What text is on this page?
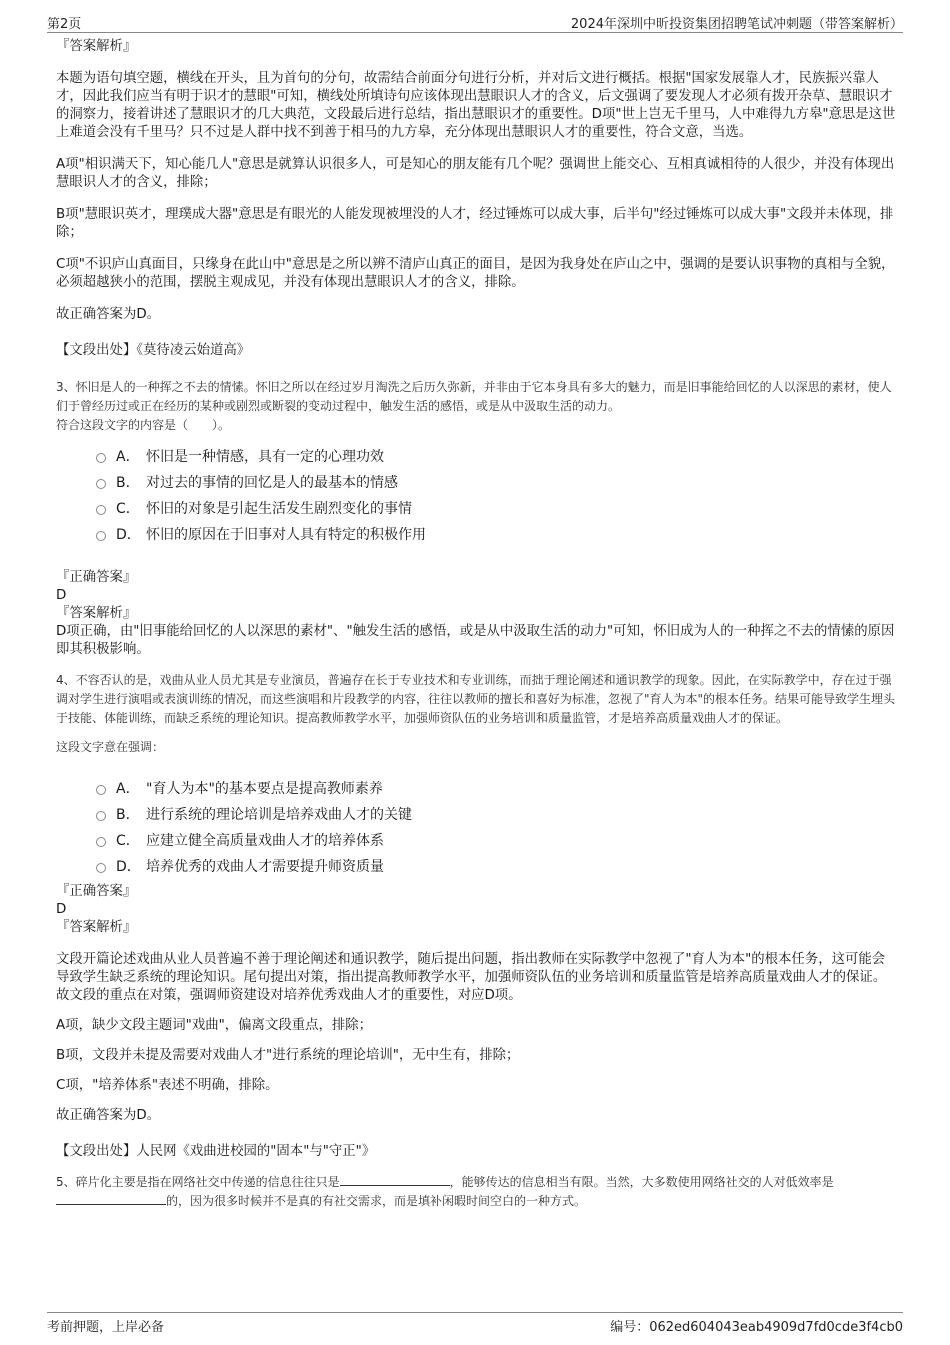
第2页	2024年深圳中昕投资集团招聘笔试冲刺题（带答案解析）

『答案解析』

本题为语句填空题，横线在开头，且为首句的分句，故需结合前面分句进行分析，并对后文进行概括。根据"国家发展靠人才，民族振兴靠人才，因此我们应当有明于识才的慧眼"可知，横线处所填诗句应该体现出慧眼识人才的含义，后文强调了要发现人才必须有拨开杂草、慧眼识才的洞察力，接着讲述了慧眼识才的几大典范，文段最后进行总结，指出慧眼识才的重要性。D项"世上岂无千里马，人中难得九方皋"意思是这世上难道会没有千里马？只不过是人群中找不到善于相马的九方皋，充分体现出慧眼识人才的重要性，符合文意，当选。

A项"相识满天下，知心能几人"意思是就算认识很多人，可是知心的朋友能有几个呢？强调世上能交心、互相真诚相待的人很少，并没有体现出慧眼识人才的含义，排除；

B项"慧眼识英才，理璞成大器"意思是有眼光的人能发现被埋没的人才，经过锤炼可以成大事，后半句"经过锤炼可以成大事"文段并未体现，排除；

C项"不识庐山真面目，只缘身在此山中"意思是之所以辨不清庐山真正的面目，是因为我身处在庐山之中，强调的是要认识事物的真相与全貌，必须超越狭小的范围，摆脱主观成见，并没有体现出慧眼识人才的含义，排除。

故正确答案为D。

【文段出处】《莫待凌云始道高》

3、怀旧是人的一种挥之不去的情愫。怀旧之所以在经过岁月淘洗之后历久弥新，并非由于它本身具有多大的魅力，而是旧事能给回忆的人以深思的素材，使人们于曾经历过或正在经历的某种或剧烈或断裂的变动过程中，触发生活的感悟，或是从中汲取生活的动力。

符合这段文字的内容是（　　）。

A． 怀旧是一种情感，具有一定的心理功效
B． 对过去的事情的回忆是人的最基本的情感
C． 怀旧的对象是引起生活发生剧烈变化的事情
D． 怀旧的原因在于旧事对人具有特定的积极作用

『正确答案』

D

『答案解析』

D项正确，由"旧事能给回忆的人以深思的素材"、"触发生活的感悟，或是从中汲取生活的动力"可知，怀旧成为人的一种挥之不去的情愫的原因即其积极影响。

4、不容否认的是，戏曲从业人员尤其是专业演员，普遍存在长于专业技术和专业训练，而拙于理论阐述和通识教学的现象。因此，在实际教学中，存在过于强调对学生进行演唱或表演训练的情况，而这些演唱和片段教学的内容，往往以教师的擅长和喜好为标准，忽视了"育人为本"的根本任务。结果可能导致学生埋头于技能、体能训练，而缺乏系统的理论知识。提高教师教学水平，加强师资队伍的业务培训和质量监管，才是培养高质量戏曲人才的保证。

这段文字意在强调：

A． "育人为本"的基本要点是提高教师素养
B． 进行系统的理论培训是培养戏曲人才的关键
C． 应建立健全高质量戏曲人才的培养体系
D． 培养优秀的戏曲人才需要提升师资质量

『正确答案』

D

『答案解析』

文段开篇论述戏曲从业人员普遍不善于理论阐述和通识教学，随后提出问题，指出教师在实际教学中忽视了"育人为本"的根本任务，这可能会导致学生缺乏系统的理论知识。尾句提出对策，指出提高教师教学水平，加强师资队伍的业务培训和质量监管是培养高质量戏曲人才的保证。故文段的重点在对策，强调师资建设对培养优秀戏曲人才的重要性，对应D项。

A项，缺少文段主题词"戏曲"，偏离文段重点，排除；

B项，文段并未提及需要对戏曲人才"进行系统的理论培训"，无中生有，排除；

C项，"培养体系"表述不明确，排除。

故正确答案为D。

【文段出处】人民网《戏曲进校园的"固本"与"守正"》

5、碎片化主要是指在网络社交中传递的信息往往只是	，能够传达的信息相当有限。当然，大多数使用网络社交的人对低效率是的，因为很多时候并不是真的有社交需求，而是填补闲暇时间空白的一种方式。

考前押题，上岸必备	编号：062ed604043eab4909d7fd0cde3f4cb0
